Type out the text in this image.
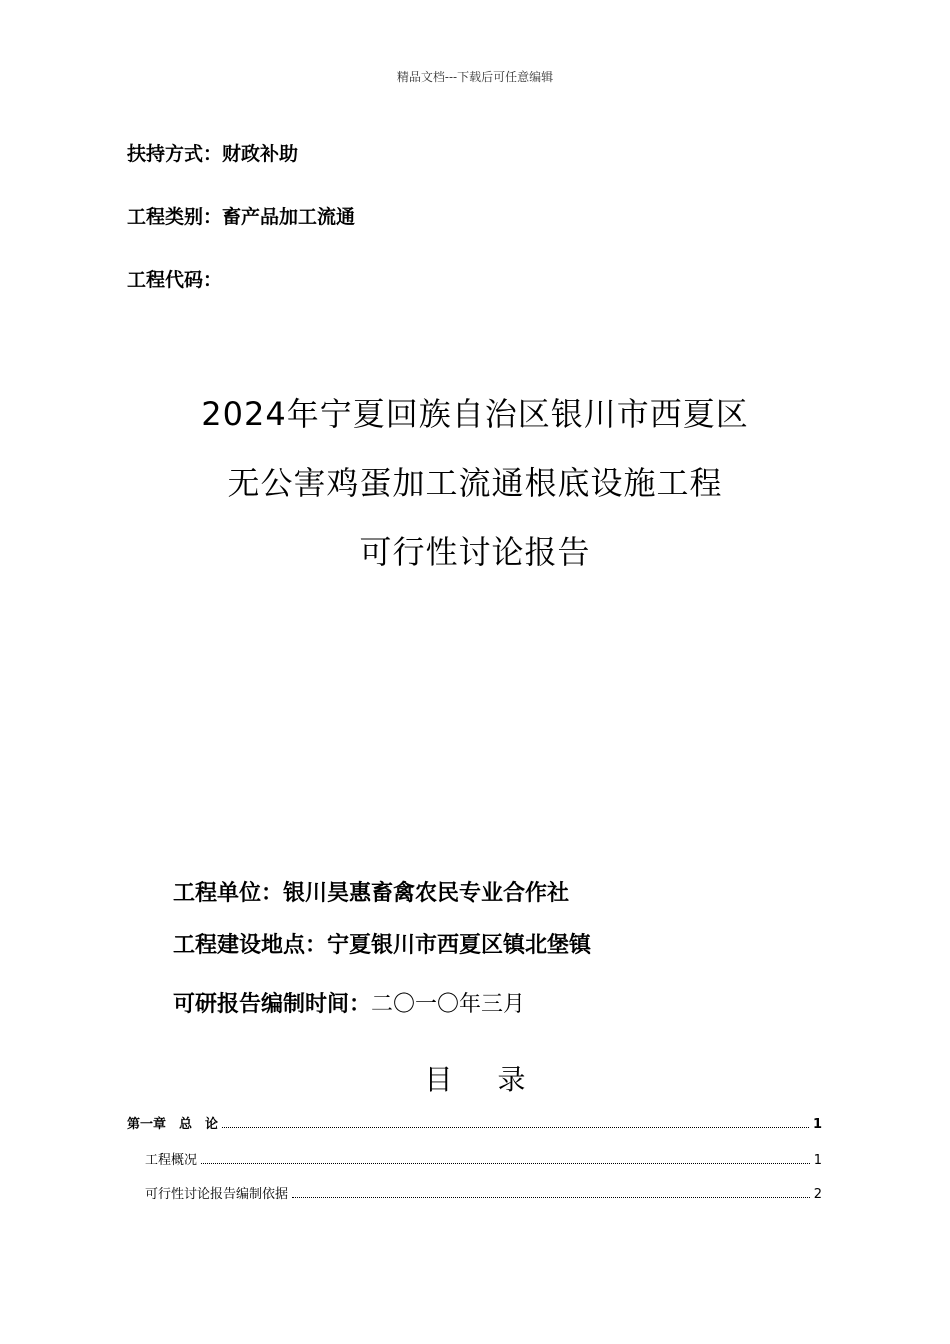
精品文档---下载后可任意编辑
扶持方式：财政补助
工程类别：畜产品加工流通
工程代码：
2024年宁夏回族自治区银川市西夏区
无公害鸡蛋加工流通根底设施工程
可行性讨论报告
工程单位：银川昊惠畜禽农民专业合作社
工程建设地点：宁夏银川市西夏区镇北堡镇
可研报告编制时间：二〇一〇年三月
目 录
第一章　总　论	1
工程概况	1
可行性讨论报告编制依据	2
